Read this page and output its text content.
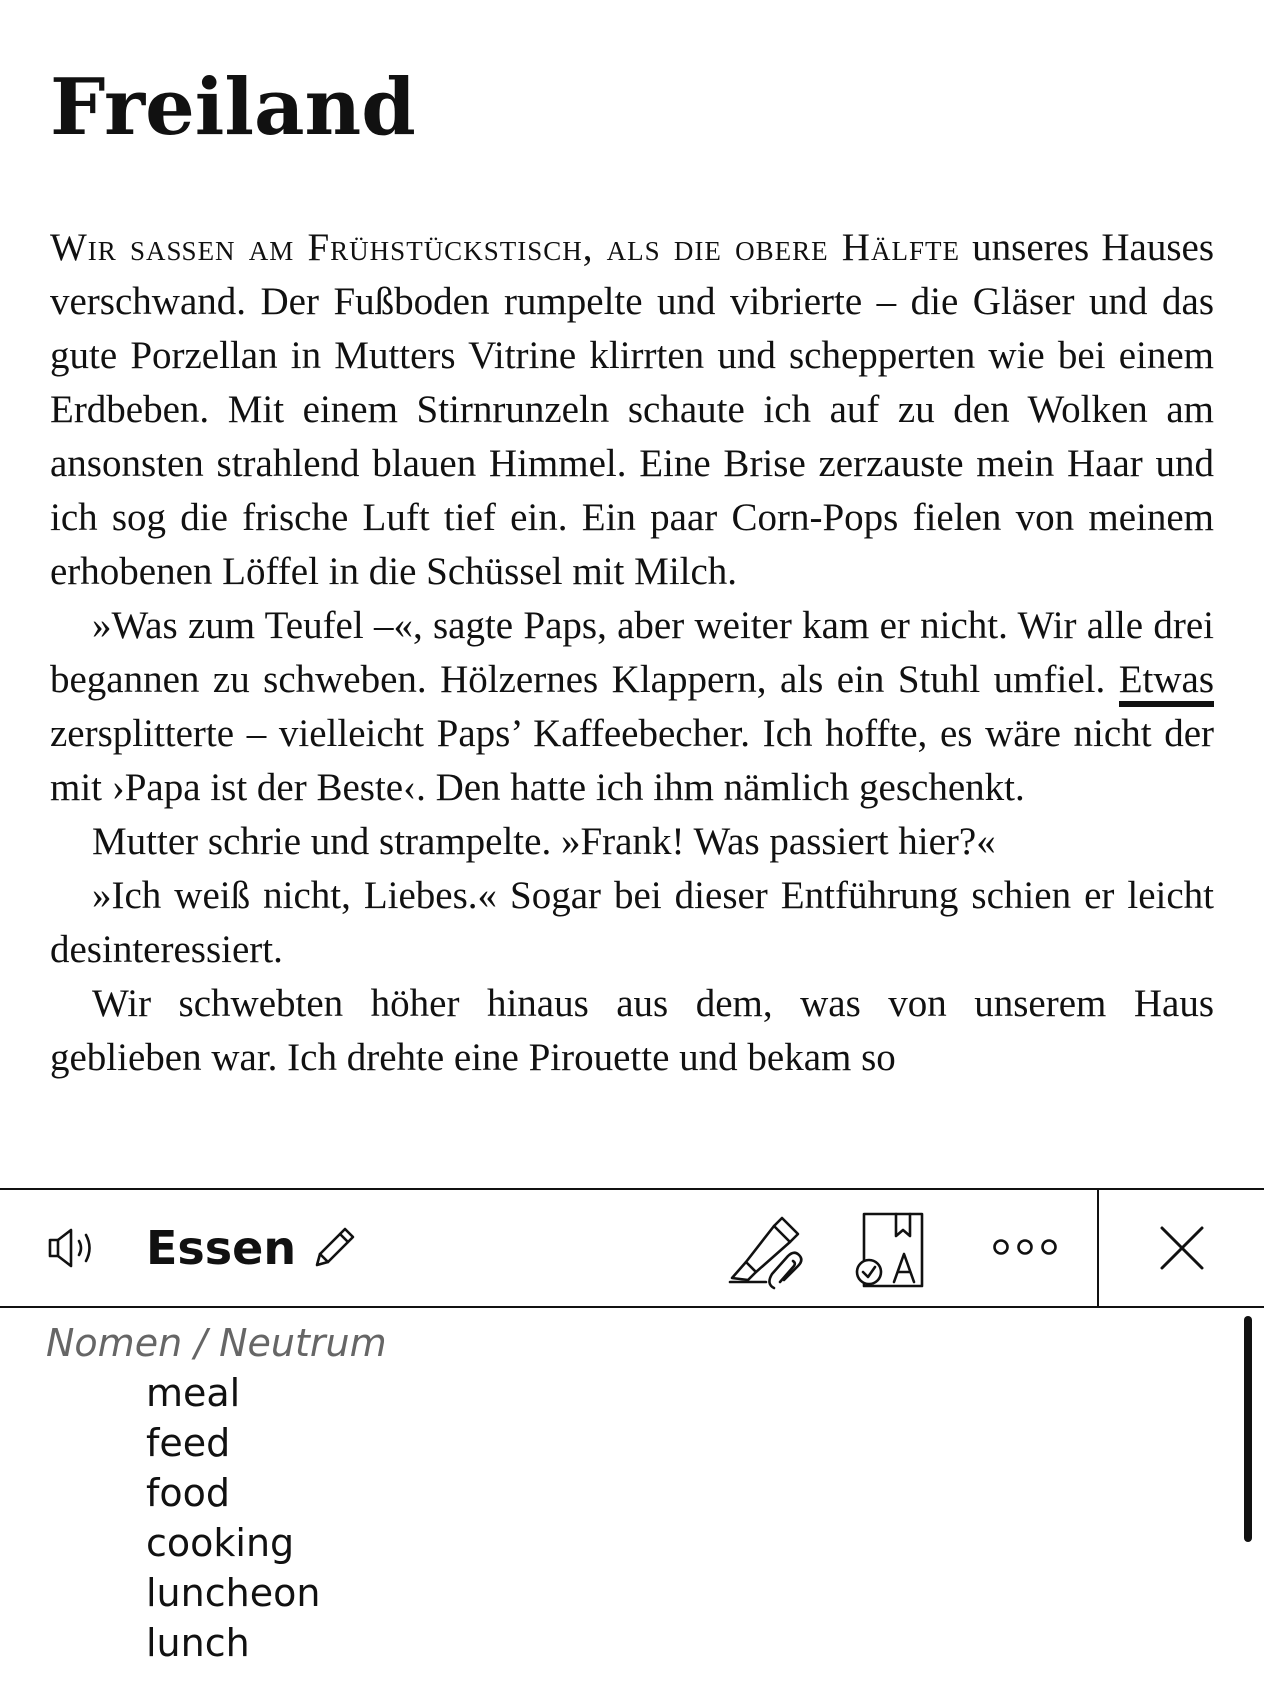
Freiland

Wir saßen am Frühstückstisch, als die obere Hälfte unseres Hauses verschwand. Der Fußboden rumpelte und vibrierte – die Gläser und das gute Porzellan in Mutters Vitrine klirrten und schepperten wie bei einem Erdbeben. Mit einem Stirnrunzeln schaute ich auf zu den Wolken am ansonsten strahlend blauen Himmel. Eine Brise zerzauste mein Haar und ich sog die frische Luft tief ein. Ein paar Corn-Pops fielen von meinem erhobenen Löffel in die Schüssel mit Milch.

»Was zum Teufel –«, sagte Paps, aber weiter kam er nicht. Wir alle drei begannen zu schweben. Hölzernes Klappern, als ein Stuhl umfiel. Etwas zersplitterte – vielleicht Paps’ Kaffeebecher. Ich hoffte, es wäre nicht der mit ›Papa ist der Beste‹. Den hatte ich ihm nämlich geschenkt.

Mutter schrie und strampelte. »Frank! Was passiert hier?«

»Ich weiß nicht, Liebes.« Sogar bei dieser Entführung schien er leicht desinteressiert.

Wir schwebten höher hinaus aus dem, was von unserem Haus geblieben war. Ich drehte eine Pirouette und bekam so

Essen
Nomen / Neutrum
meal
feed
food
cooking
luncheon
lunch
